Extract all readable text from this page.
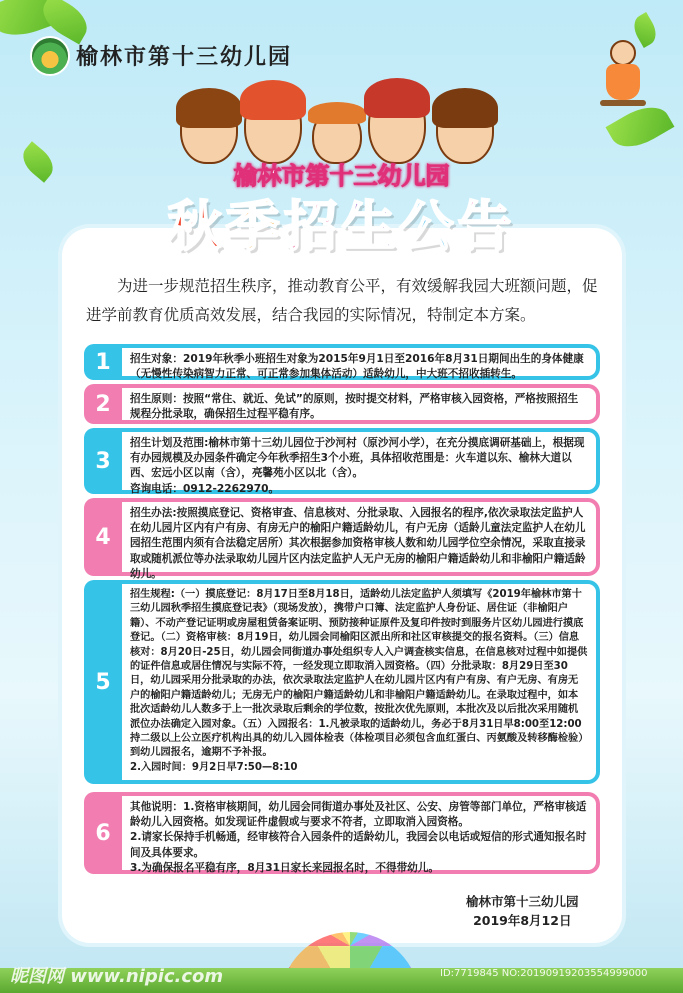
榆林市第十三幼儿园
榆林市第十三幼儿园
秋季招生公告
为进一步规范招生秩序，推动教育公平，有效缓解我园大班额问题，促进学前教育优质高效发展，结合我园的实际情况，特制定本方案。
1	招生对象：2019年秋季小班招生对象为2015年9月1日至2016年8月31日期间出生的身体健康（无慢性传染病智力正常、可正常参加集体活动）适龄幼儿，中大班不招收插转生。

2	招生原则：按照“常住、就近、免试”的原则，按时提交材料，严格审核入园资格，严格按照招生规程分批录取，确保招生过程平稳有序。

3

招生计划及范围:榆林市第十三幼儿园位于沙河村（原沙河小学），在充分摸底调研基础上，根据现有办园规模及办园条件确定今年秋季招生3个小班，具体招收范围是：火车道以东、榆林大道以西、宏远小区以南（含），亮馨苑小区以北（含）。
咨询电话：0912-2262970。

4

招生办法:按照摸底登记、资格审查、信息核对、分批录取、入园报名的程序,依次录取法定监护人在幼儿园片区内有户有房、有房无户的榆阳户籍适龄幼儿，有户无房（适龄儿童法定监护人在幼儿园招生范围内须有合法稳定居所）其次根据参加资格审核人数和幼儿园学位空余情况，采取直接录取或随机派位等办法录取幼儿园片区内法定监护人无户无房的榆阳户籍适龄幼儿和非榆阳户籍适龄幼儿。

5

招生规程:（一）摸底登记：8月17日至8月18日，适龄幼儿法定监护人须填写《2019年榆林市第十三幼儿园秋季招生摸底登记表》（现场发放），携带户口簿、法定监护人身份证、居住证（非榆阳户籍）、不动产登记证明或房屋租赁备案证明、预防接种证原件及复印件按时到服务片区幼儿园进行摸底登记。（二）资格审核：8月19日，幼儿园会同榆阳区派出所和社区审核提交的报名资料。（三）信息核对：8月20日-25日，幼儿园会同街道办事处组织专人入户调查核实信息，在信息核对过程中如提供的证件信息或居住情况与实际不符，一经发现立即取消入园资格。（四）分批录取：8月29日至30日，幼儿园采用分批录取的办法，依次录取法定监护人在幼儿园片区内有户有房、有户无房、有房无户的榆阳户籍适龄幼儿；无房无户的榆阳户籍适龄幼儿和非榆阳户籍适龄幼儿。在录取过程中，如本批次适龄幼儿人数多于上一批次录取后剩余的学位数，按批次优先原则，本批次及以后批次采用随机派位办法确定入园对象。（五）入园报名：1.凡被录取的适龄幼儿，务必于8月31日早8:00至12:00持二级以上公立医疗机构出具的幼儿入园体检表（体检项目必须包含血红蛋白、丙氨酸及转移酶检验）到幼儿园报名，逾期不予补报。
2.入园时间：9月2日早7:50—8:10

6

其他说明：1.资格审核期间，幼儿园会同街道办事处及社区、公安、房管等部门单位，严格审核适龄幼儿入园资格。如发现证件虚假或与要求不符者，立即取消入园资格。
2.请家长保持手机畅通，经审核符合入园条件的适龄幼儿，我园会以电话或短信的形式通知报名时间及具体要求。
3.为确保报名平稳有序，8月31日家长来园报名时，不得带幼儿。

榆林市第十三幼儿园
2019年8月12日
昵图网 www.nipic.com	ID:7719845 NO:20190919203554999000
